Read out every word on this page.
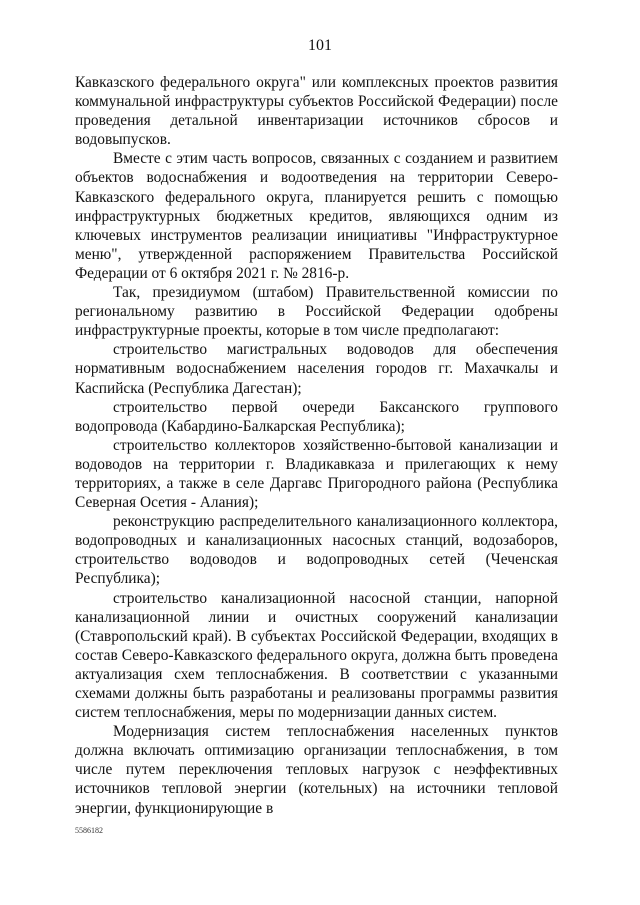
101

Кавказского федерального округа" или комплексных проектов развития коммунальной инфраструктуры субъектов Российской Федерации) после проведения детальной инвентаризации источников сбросов и водовыпусков.

Вместе с этим часть вопросов, связанных с созданием и развитием объектов водоснабжения и водоотведения на территории Северо-Кавказского федерального округа, планируется решить с помощью инфраструктурных бюджетных кредитов, являющихся одним из ключевых инструментов реализации инициативы "Инфраструктурное меню", утвержденной распоряжением Правительства Российской Федерации от 6 октября 2021 г. № 2816-р.

Так, президиумом (штабом) Правительственной комиссии по региональному развитию в Российской Федерации одобрены инфраструктурные проекты, которые в том числе предполагают:

строительство магистральных водоводов для обеспечения нормативным водоснабжением населения городов гг. Махачкалы и Каспийска (Республика Дагестан);

строительство первой очереди Баксанского группового водопровода (Кабардино-Балкарская Республика);

строительство коллекторов хозяйственно-бытовой канализации и водоводов на территории г. Владикавказа и прилегающих к нему территориях, а также в селе Даргавс Пригородного района (Республика Северная Осетия - Алания);

реконструкцию распределительного канализационного коллектора, водопроводных и канализационных насосных станций, водозаборов, строительство водоводов и водопроводных сетей (Чеченская Республика);

строительство канализационной насосной станции, напорной канализационной линии и очистных сооружений канализации (Ставропольский край). В субъектах Российской Федерации, входящих в состав Северо-Кавказского федерального округа, должна быть проведена актуализация схем теплоснабжения. В соответствии с указанными схемами должны быть разработаны и реализованы программы развития систем теплоснабжения, меры по модернизации данных систем.

Модернизация систем теплоснабжения населенных пунктов должна включать оптимизацию организации теплоснабжения, в том числе путем переключения тепловых нагрузок с неэффективных источников тепловой энергии (котельных) на источники тепловой энергии, функционирующие в

5586182
